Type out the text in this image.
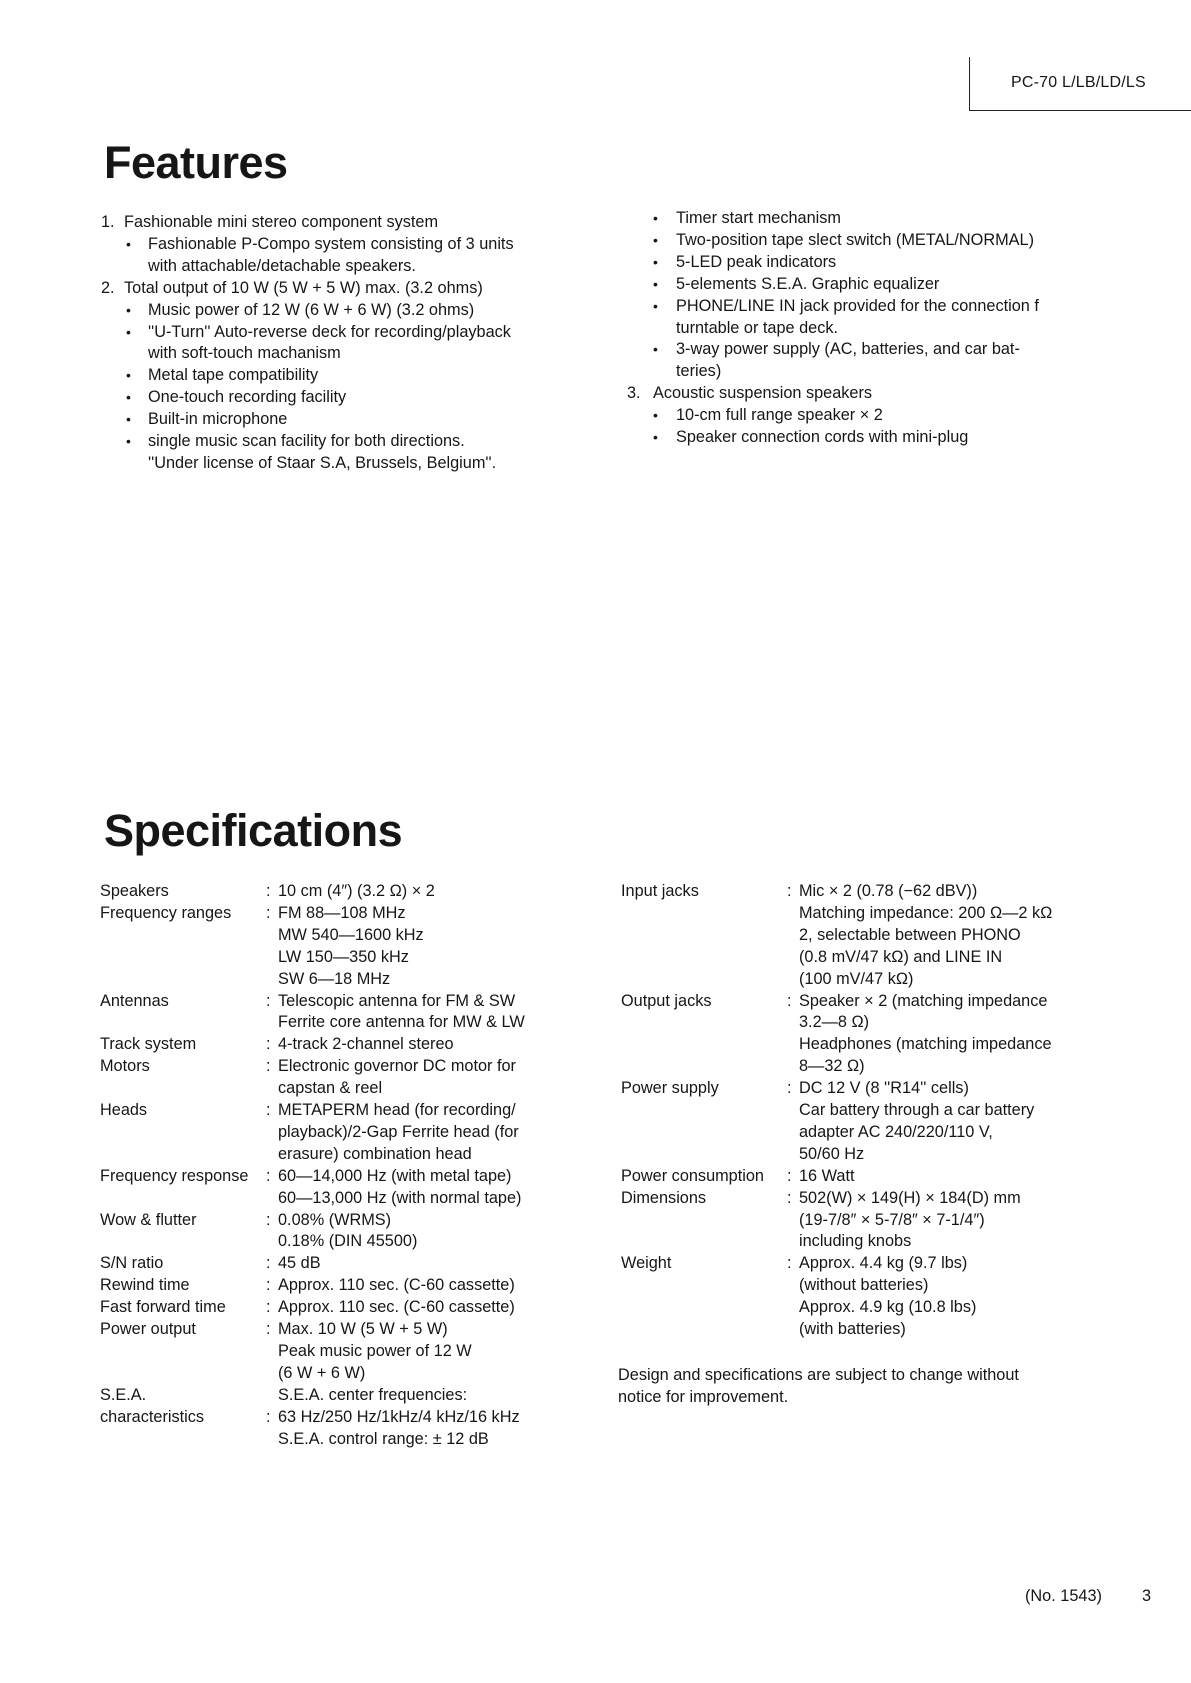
PC-70 L/LB/LD/LS
Features
1. Fashionable mini stereo component system
• Fashionable P-Compo system consisting of 3 units
with attachable/detachable speakers.
2. Total output of 10 W (5 W + 5 W) max. (3.2 ohms)
• Music power of 12 W (6 W + 6 W) (3.2 ohms)
• ''U-Turn'' Auto-reverse deck for recording/playback
with soft-touch machanism
• Metal tape compatibility
• One-touch recording facility
• Built-in microphone
• single music scan facility for both directions.
''Under license of Staar S.A, Brussels, Belgium''.
• Timer start mechanism
• Two-position tape slect switch (METAL/NORMAL)
• 5-LED peak indicators
• 5-elements S.E.A. Graphic equalizer
• PHONE/LINE IN jack provided for the connection f
turntable or tape deck.
• 3-way power supply (AC, batteries, and car bat-
teries)
3. Acoustic suspension speakers
• 10-cm full range speaker × 2
• Speaker connection cords with mini-plug
Specifications
Speakers	: 10 cm (4″) (3.2 Ω) × 2
Frequency ranges : FM 88—108 MHz
MW 540—1600 kHz
LW 150—350 kHz
SW 6—18 MHz
Antennas	: Telescopic antenna for FM & SW
Ferrite core antenna for MW & LW
Track system	: 4-track 2-channel stereo
Motors	: Electronic governor DC motor for
capstan & reel
Heads	: METAPERM head (for recording/
playback)/2-Gap Ferrite head (for
erasure) combination head
Frequency response : 60—14,000 Hz (with metal tape)
60—13,000 Hz (with normal tape)
Wow & flutter	: 0.08% (WRMS)
0.18% (DIN 45500)
S/N ratio	: 45 dB
Rewind time	: Approx. 110 sec. (C-60 cassette)
Fast forward time : Approx. 110 sec. (C-60 cassette)
Power output	: Max. 10 W (5 W + 5 W)
Peak music power of 12 W
(6 W + 6 W)
S.E.A.	S.E.A. center frequencies:
characteristics	: 63 Hz/250 Hz/1kHz/4 kHz/16 kHz
S.E.A. control range: ± 12 dB
Input jacks	: Mic × 2 (0.78 (−62 dBV))
Matching impedance: 200 Ω—2 kΩ
2, selectable between PHONO
(0.8 mV/47 kΩ) and LINE IN
(100 mV/47 kΩ)
Output jacks	: Speaker × 2 (matching impedance
3.2—8 Ω)
Headphones (matching impedance
8—32 Ω)
Power supply	: DC 12 V (8 ''R14'' cells)
Car battery through a car battery
adapter AC 240/220/110 V,
50/60 Hz
Power consumption : 16 Watt
Dimensions	: 502(W) × 149(H) × 184(D) mm
(19-7/8″ × 5-7/8″ × 7-1/4″)
including knobs
Weight	: Approx. 4.4 kg (9.7 lbs)
(without batteries)
Approx. 4.9 kg (10.8 lbs)
(with batteries)
Design and specifications are subject to change without
notice for improvement.
(No. 1543) 3
